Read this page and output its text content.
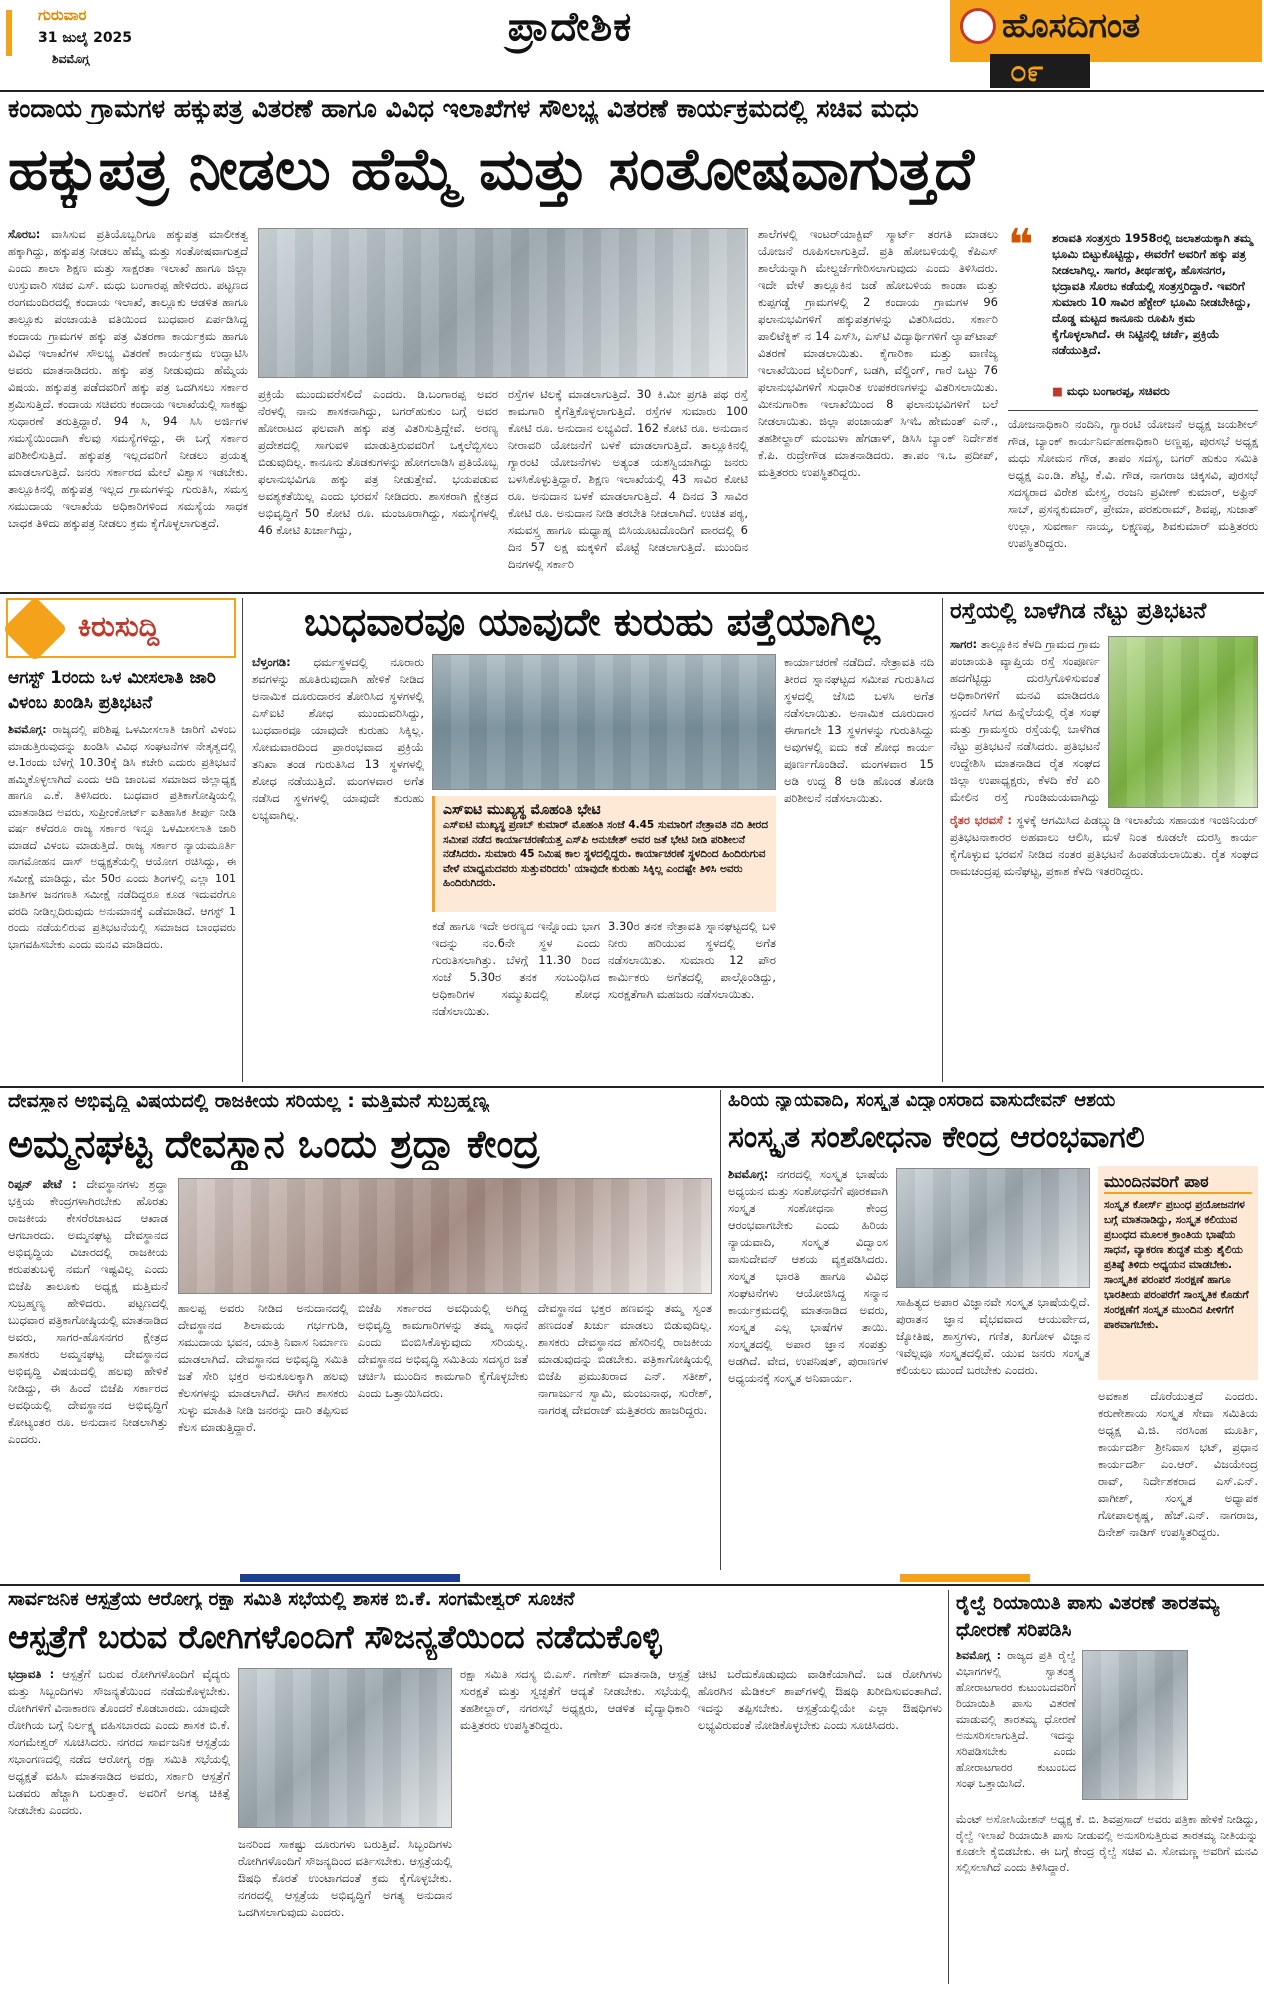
ಗುರುವಾರ
31 ಜುಲೈ 2025
ಶಿವಮೊಗ್ಗ
ಪ್ರಾದೇಶಿಕ	ಹೊಸದಿಗಂತ
೦೯
ಕಂದಾಯ ಗ್ರಾಮಗಳ ಹಕ್ಕುಪತ್ರ ವಿತರಣೆ ಹಾಗೂ ವಿವಿಧ ಇಲಾಖೆಗಳ ಸೌಲಭ್ಯ ವಿತರಣೆ ಕಾರ್ಯಕ್ರಮದಲ್ಲಿ ಸಚಿವ ಮಧು
ಹಕ್ಕುಪತ್ರ ನೀಡಲು ಹೆಮ್ಮೆ ಮತ್ತು ಸಂತೋಷವಾಗುತ್ತದೆ
ಸೊರಬ: ವಾಸಿಸುವ ಪ್ರತಿಯೊಬ್ಬರಿಗೂ ಹಕ್ಕುಪತ್ರ ಮಾಲೀಕತ್ವ ಹಕ್ಕಾಗಿದ್ದು, ಹಕ್ಕುಪತ್ರ ನೀಡಲು ಹೆಮ್ಮೆ ಮತ್ತು ಸಂತೋಷವಾಗುತ್ತದೆ ಎಂದು ಶಾಲಾ ಶಿಕ್ಷಣ ಮತ್ತು ಸಾಕ್ಷರತಾ ಇಲಾಖೆ ಹಾಗೂ ಜಿಲ್ಲಾ ಉಸ್ತುವಾರಿ ಸಚಿವ ಎಸ್. ಮಧು ಬಂಗಾರಪ್ಪ ಹೇಳಿದರು. ಪಟ್ಟಣದ ರಂಗಮಂದಿರದಲ್ಲಿ ಕಂದಾಯ ಇಲಾಖೆ, ತಾಲ್ಲೂಕು ಆಡಳಿತ ಹಾಗೂ ತಾಲ್ಲೂಕು ಪಂಚಾಯತಿ ವತಿಯಿಂದ ಬುಧವಾರ ಏರ್ಪಡಿಸಿದ್ದ ಕಂದಾಯ ಗ್ರಾಮಗಳ ಹಕ್ಕು ಪತ್ರ ವಿತರಣಾ ಕಾರ್ಯಕ್ರಮ ಹಾಗೂ ವಿವಿಧ ಇಲಾಖೆಗಳ ಸೌಲಭ್ಯ ವಿತರಣೆ ಕಾರ್ಯಕ್ರಮ ಉದ್ಘಾಟಿಸಿ ಅವರು ಮಾತನಾಡಿದರು. ಹಕ್ಕು ಪತ್ರ ನೀಡುವುದು ಹೆಮ್ಮೆಯ ವಿಷಯ. ಹಕ್ಕುಪತ್ರ ಪಡೆದವರಿಗೆ ಹಕ್ಕು ಪತ್ರ ಒದಗಿಸಲು ಸರ್ಕಾರ ಶ್ರಮಿಸುತ್ತಿದೆ. ಕಂದಾಯ ಸಚಿವರು ಕಂದಾಯ ಇಲಾಖೆಯಲ್ಲಿ ಸಾಕಷ್ಟು ಸುಧಾರಣೆ ತರುತ್ತಿದ್ದಾರೆ. 94 ಸಿ, 94 ಸಿಸಿ ಅರ್ಜಿಗಳ ಸಮಸ್ಯೆಯಿಂದಾಗಿ ಕೆಲವು ಸಮಸ್ಯೆಗಳಿದ್ದು, ಈ ಬಗ್ಗೆ ಸರ್ಕಾರ ಪರಿಶೀಲಿಸುತ್ತಿದೆ. ಹಕ್ಕುಪತ್ರ ಇಲ್ಲದವರಿಗೆ ನೀಡಲು ಪ್ರಯತ್ನ ಮಾಡಲಾಗುತ್ತಿದೆ. ಜನರು ಸರ್ಕಾರದ ಮೇಲೆ ವಿಶ್ವಾಸ ಇಡಬೇಕು. ತಾಲ್ಲೂಕಿನಲ್ಲಿ ಹಕ್ಕುಪತ್ರ ಇಲ್ಲದ ಗ್ರಾಮಗಳನ್ನು ಗುರುತಿಸಿ, ಸಮಸ್ತ ಸಮುದಾಯ ಇಲಾಖೆಯ ಅಧಿಕಾರಿಗಳಿಂದ ಸಮಸ್ಯೆಯ ಸಾಧಕ ಬಾಧಕ ತಿಳಿದು ಹಕ್ಕುಪತ್ರ ನೀಡಲು ಕ್ರಮ ಕೈಗೊಳ್ಳಲಾಗುತ್ತದೆ.
ಪ್ರಕ್ರಿಯೆ ಮುಂದುವರೆಸಲಿದೆ ಎಂದರು. ಡಿ.ಬಂಗಾರಪ್ಪ ಅವರ ನೆರಳಲ್ಲಿ ನಾನು ಶಾಸಕನಾಗಿದ್ದು, ಬಗರ್‌ಹುಕುಂ ಬಗ್ಗೆ ಅವರ ಹೋರಾಟದ ಫಲವಾಗಿ ಹಕ್ಕು ಪತ್ರ ವಿತರಿಸುತ್ತಿದ್ದೇವೆ. ಅರಣ್ಯ ಪ್ರದೇಶದಲ್ಲಿ ಸಾಗುವಳಿ ಮಾಡುತ್ತಿರುವವರಿಗೆ ಒಕ್ಕಲೆಬ್ಬಿಸಲು ಬಿಡುವುದಿಲ್ಲ. ಕಾನೂನು ತೊಡಕುಗಳನ್ನು ಹೋಗಲಾಡಿಸಿ ಪ್ರತಿಯೊಬ್ಬ ಫಲಾನುಭವಿಗೂ ಹಕ್ಕು ಪತ್ರ ನೀಡುತ್ತೇವೆ. ಭಯಪಡುವ ಅವಶ್ಯಕತೆಯಿಲ್ಲ ಎಂದು ಭರವಸೆ ನೀಡಿದರು. ಶಾಸಕರಾಗಿ ಕ್ಷೇತ್ರದ ಅಭಿವೃದ್ಧಿಗೆ 50 ಕೋಟಿ ರೂ. ಮಂಜೂರಾಗಿದ್ದು, ಸಮಸ್ಯೆಗಳಲ್ಲಿ 46 ಕೋಟಿ ಖರ್ಚಾಗಿದ್ದು,
ರಸ್ತೆಗಳ ಟಿಲಕ್ಕೆ ಮಾಡಲಾಗುತ್ತಿದೆ. 30 ಕಿ.ಮೀ ಪ್ರಗತಿ ಪಥ ರಸ್ತೆ ಕಾಮಗಾರಿ ಕೈಗೆತ್ತಿಕೊಳ್ಳಲಾಗುತ್ತಿದೆ. ರಸ್ತೆಗಳ ಸುಮಾರು 100 ಕೋಟಿ ರೂ. ಅನುದಾನ ಲಭ್ಯವಿದೆ. 162 ಕೋಟಿ ರೂ. ಅನುದಾನ ನೀರಾವರಿ ಯೋಜನೆಗೆ ಬಳಕೆ ಮಾಡಲಾಗುತ್ತಿದೆ. ತಾಲ್ಲೂಕಿನಲ್ಲಿ ಗ್ಯಾರಂಟಿ ಯೋಜನೆಗಳು ಅತ್ಯಂತ ಯಶಸ್ವಿಯಾಗಿದ್ದು ಜನರು ಬಳಸಿಕೊಳ್ಳುತ್ತಿದ್ದಾರೆ. ಶಿಕ್ಷಣ ಇಲಾಖೆಯಲ್ಲಿ 43 ಸಾವಿರ ಕೋಟಿ ರೂ. ಅನುದಾನ ಬಳಕೆ ಮಾಡಲಾಗುತ್ತಿದೆ. 4 ದಿನದ 3 ಸಾವಿರ ಕೋಟಿ ರೂ. ಅನುದಾನ ನೀಡಿ ತರಬೇತಿ ನೀಡಲಾಗಿದೆ. ಉಚಿತ ಪಠ್ಯ, ಸಮವಸ್ತ್ರ ಹಾಗೂ ಮಧ್ಯಾಹ್ನ ಬಿಸಿಯೂಟದೊಂದಿಗೆ ವಾರದಲ್ಲಿ 6 ದಿನ 57 ಲಕ್ಷ ಮಕ್ಕಳಿಗೆ ಮೊಟ್ಟೆ ನೀಡಲಾಗುತ್ತಿದೆ. ಮುಂದಿನ ದಿನಗಳಲ್ಲಿ ಸರ್ಕಾರಿ
ಶಾಲೆಗಳಲ್ಲಿ ಇಂಟರ್‌ಯಾಕ್ಟಿವ್ ಸ್ಮಾರ್ಟ್ ತರಗತಿ ಮಾಡಲು ಯೋಜನೆ ರೂಪಿಸಲಾಗುತ್ತಿದೆ. ಪ್ರತಿ ಹೋಬಳಿಯಲ್ಲಿ ಕೆಪಿಎಸ್ ಶಾಲೆಯನ್ನಾಗಿ ಮೇಲ್ದರ್ಜೆಗೇರಿಸಲಾಗುವುದು ಎಂದು ತಿಳಿಸಿದರು. ಇದೇ ವೇಳೆ ತಾಲ್ಲೂಕಿನ ಜಡೆ ಹೋಬಳಿಯ ಕಾಂಡಾ ಮತ್ತು ಕುಪ್ಪಗಡ್ಡೆ ಗ್ರಾಮಗಳಲ್ಲಿ 2 ಕಂದಾಯ ಗ್ರಾಮಗಳ 96 ಫಲಾನುಭವಿಗಳಿಗೆ ಹಕ್ಕುಪತ್ರಗಳನ್ನು ವಿತರಿಸಿದರು. ಸರ್ಕಾರಿ ಪಾಲಿಟೆಕ್ನಿಕ್ ನ 14 ಎಸ್‌ಸಿ, ಎಸ್‌ಟಿ ವಿದ್ಯಾರ್ಥಿಗಳಿಗೆ ಲ್ಯಾಪ್‌ಟಾಪ್ ವಿತರಣೆ ಮಾಡಲಾಯಿತು. ಕೈಗಾರಿಕಾ ಮತ್ತು ವಾಣಿಜ್ಯ ಇಲಾಖೆಯಿಂದ ಟೈಲರಿಂಗ್, ಬಡಗಿ, ವೆಲ್ಡಿಂಗ್, ಗಾರೆ ಒಟ್ಟು 76 ಫಲಾನುಭವಿಗಳಿಗೆ ಸುಧಾರಿತ ಉಪಕರಣಗಳನ್ನು ವಿತರಿಸಲಾಯಿತು. ಮೀನುಗಾರಿಕಾ ಇಲಾಖೆಯಿಂದ 8 ಫಲಾನುಭವಿಗಳಿಗೆ ಬಲೆ ನೀಡಲಾಯಿತು. ಜಿಲ್ಲಾ ಪಂಚಾಯತ್ ಸಿಇಓ ಹೇಮಂತ್ ಎನ್., ತಹಶೀಲ್ದಾರ್ ಮಂಜುಳಾ ಹೆಗಡಾಳ್, ಡಿಸಿಸಿ ಬ್ಯಾಂಕ್ ನಿರ್ದೇಶಕ ಕೆ.ಪಿ. ರುದ್ರೇಗೌಡ ಮಾತನಾಡಿದರು. ತಾ.ಪಂ ಇ.ಒ ಪ್ರದೀಪ್, ಮತ್ತಿತರರು ಉಪಸ್ಥಿತರಿದ್ದರು.
❝ ಶರಾವತಿ ಸಂತ್ರಸ್ತರು 1958ರಲ್ಲಿ ಜಲಾಶಯಕ್ಕಾಗಿ ತಮ್ಮ ಭೂಮಿ ಬಿಟ್ಟುಕೊಟ್ಟಿದ್ದು, ಈವರೆಗೆ ಅವರಿಗೆ ಹಕ್ಕು ಪತ್ರ ನೀಡಲಾಗಿಲ್ಲ. ಸಾಗರ, ತೀರ್ಥಹಳ್ಳಿ, ಹೊಸನಗರ, ಭದ್ರಾವತಿ ಸೊರಬ ಕಡೆಯಲ್ಲಿ ಸಂತ್ರಸ್ತರಿದ್ದಾರೆ. ಇವರಿಗೆ ಸುಮಾರು 10 ಸಾವಿರ ಹೆಕ್ಟೇರ್ ಭೂಮಿ ನೀಡಬೇಕಿದ್ದು, ದೊಡ್ಡ ಮಟ್ಟದ ಕಾನೂನು ರೂಪಿಸಿ ಕ್ರಮ ಕೈಗೊಳ್ಳಲಾಗಿದೆ. ಈ ನಿಟ್ಟಿನಲ್ಲಿ ಚರ್ಚೆ, ಪ್ರಕ್ರಿಯೆ ನಡೆಯುತ್ತಿದೆ.
■ ಮಧು ಬಂಗಾರಪ್ಪ, ಸಚಿವರು
ಯೋಜನಾಧಿಕಾರಿ ನಂದಿನಿ, ಗ್ಯಾರಂಟಿ ಯೋಜನೆ ಅಧ್ಯಕ್ಷ ಜಯಶೀಲ್ ಗೌಡ, ಬ್ಯಾಂಕ್ ಕಾರ್ಯನಿರ್ವಹಣಾಧಿಕಾರಿ ಅಣ್ಣಪ್ಪ, ಪುರಸಭೆ ಅಧ್ಯಕ್ಷ ಮಧು ಸೋಮನ ಗೌಡ, ತಾಪಂ ಸದಸ್ಯ, ಬಗರ್ ಹುಕುಂ ಸಮಿತಿ ಅಧ್ಯಕ್ಷ ಎಂ.ಡಿ. ಶೆಟ್ಟಿ, ಕೆ.ವಿ. ಗೌಡ, ನಾಗರಾಜ ಚಿಕ್ಕಸವಿ, ಪುರಸಭೆ ಸದಸ್ಯರಾದ ವಿರೇಶ ಮೇಸ್ತ್ರ, ರಂಜನಿ ಪ್ರವೀಣ್ ಕುಮಾರ್, ಅಫ್ರಿನ್ ಸಾಬ್, ಪ್ರಸನ್ನಕುಮಾರ್, ಪ್ರೇಮಾ, ಪರಶುರಾಮ್, ಶಿವಪ್ಪ, ಸುಜಾತ್ ಉಲ್ಲಾ, ಸುವರ್ಣಾ ನಾಯ್ಕ, ಲಕ್ಷ್ಮಣಪ್ಪ, ಶಿವಕುಮಾರ್ ಮತ್ತಿತರರು ಉಪಸ್ಥಿತರಿದ್ದರು.
ಕಿರುಸುದ್ದಿ
ಆಗಸ್ಟ್ 1ರಂದು ಒಳ ಮೀಸಲಾತಿ ಜಾರಿ ವಿಳಂಬ ಖಂಡಿಸಿ ಪ್ರತಿಭಟನೆ
ಶಿವಮೊಗ್ಗ: ರಾಜ್ಯದಲ್ಲಿ ಪರಿಶಿಷ್ಟ ಒಳಮೀಸಲಾತಿ ಜಾರಿಗೆ ವಿಳಂಬ ಮಾಡುತ್ತಿರುವುದನ್ನು ಖಂಡಿಸಿ ವಿವಿಧ ಸಂಘಟನೆಗಳ ನೇತೃತ್ವದಲ್ಲಿ ಆ.1ರಂದು ಬೆಳಗ್ಗೆ 10.30ಕ್ಕೆ ಡಿಸಿ ಕಚೇರಿ ಎದುರು ಪ್ರತಿಭಟನೆ ಹಮ್ಮಿಕೊಳ್ಳಲಾಗಿದೆ ಎಂದು ಆದಿ ಜಾಂಬವ ಸಮಾಜದ ಜಿಲ್ಲಾಧ್ಯಕ್ಷ ಹಾಗೂ ಎ.ಕೆ. ತಿಳಿಸಿದರು. ಬುಧವಾರ ಪ್ರತಿಕಾಗೋಷ್ಠಿಯಲ್ಲಿ ಮಾತನಾಡಿದ ಅವರು, ಸುಪ್ರೀಂಕೋರ್ಟ್ ಐತಿಹಾಸಿಕ ತೀರ್ಪು ನೀಡಿ ವರ್ಷ ಕಳೆದರೂ ರಾಜ್ಯ ಸರ್ಕಾರ ಇನ್ನೂ ಒಳಮೀಸಲಾತಿ ಜಾರಿ ಮಾಡದೆ ವಿಳಂಬ ಮಾಡುತ್ತಿದೆ. ರಾಜ್ಯ ಸರ್ಕಾರ ನ್ಯಾಯಮೂರ್ತಿ ನಾಗಮೋಹನ ದಾಸ್ ಅಧ್ಯಕ್ಷತೆಯಲ್ಲಿ ಆಯೋಗ ರಚಿಸಿದ್ದು, ಈ ಸಮೀಕ್ಷೆ ಮಾಡಿದ್ದು, ಮೇ 50ರ ಎಂದು ಶಿಂಗಳಲ್ಲಿ ಎಲ್ಲಾ 101 ಜಾತಿಗಳ ಜನಗಣತಿ ಸಮೀಕ್ಷೆ ನಡೆದಿದ್ದರೂ ಕೂಡ ಇದುವರೆಗೂ ವರದಿ ನೀಡಿಲ್ಲದಿರುವುದು ಅನುಮಾನಕ್ಕೆ ಎಡೆಮಾಡಿದೆ. ಆಗಸ್ಟ್ 1 ರಂದು ನಡೆಯಲಿರುವ ಪ್ರತಿಭಟನೆಯಲ್ಲಿ ಸಮಾಜದ ಬಾಂಧವರು ಭಾಗವಹಿಸಬೇಕು ಎಂದು ಮನವಿ ಮಾಡಿದರು.
ಬುಧವಾರವೂ ಯಾವುದೇ ಕುರುಹು ಪತ್ತೆಯಾಗಿಲ್ಲ
ಬೆಳ್ತಂಗಡಿ: ಧರ್ಮಸ್ಥಳದಲ್ಲಿ ನೂರಾರು ಶವಗಳನ್ನು ಹೂತಿರುವುದಾಗಿ ಹೇಳಿಕೆ ನೀಡಿದ ಅನಾಮಿಕ ದೂರುದಾರನ ತೋರಿಸಿದ ಸ್ಥಳಗಳಲ್ಲಿ ಎಸ್‌ಐಟಿ ಶೋಧ ಮುಂದುವರಿಸಿದ್ದು, ಬುಧವಾರವೂ ಯಾವುದೇ ಕುರುಹು ಸಿಕ್ಕಿಲ್ಲ. ಸೋಮವಾರದಿಂದ ಪ್ರಾರಂಭವಾದ ಪ್ರಕ್ರಿಯೆ ತನಿಖಾ ತಂಡ ಗುರುತಿಸಿದ 13 ಸ್ಥಳಗಳಲ್ಲಿ ಶೋಧ ನಡೆಯುತ್ತಿದೆ. ಮಂಗಳವಾರ ಅಗೆತ ನಡೆಸಿದ ಸ್ಥಳಗಳಲ್ಲಿ ಯಾವುದೇ ಕುರುಹು ಲಭ್ಯವಾಗಿಲ್ಲ.
ಕಾರ್ಯಾಚರಣೆ ನಡೆದಿದೆ. ನೇತ್ರಾವತಿ ನದಿ ತೀರದ ಸ್ನಾನಘಟ್ಟದ ಸಮೀಪ ಗುರುತಿಸಿದ ಸ್ಥಳದಲ್ಲಿ ಜೆಸಿಬಿ ಬಳಸಿ ಅಗೆತ ನಡೆಸಲಾಯಿತು. ಅನಾಮಿಕ ದೂರುದಾರ ಈಗಾಗಲೇ 13 ಸ್ಥಳಗಳನ್ನು ಗುರುತಿಸಿದ್ದು ಅವುಗಳಲ್ಲಿ ಐದು ಕಡೆ ಶೋಧ ಕಾರ್ಯ ಪೂರ್ಣಗೊಂಡಿದೆ. ಮಂಗಳವಾರ 15 ಅಡಿ ಉದ್ದ 8 ಅಡಿ ಹೊಂಡ ತೋಡಿ ಪರಿಶೀಲನೆ ನಡೆಸಲಾಯಿತು.
ಎಸ್‌ಐಟಿ ಮುಖ್ಯಸ್ಥ ಮೊಹಂತಿ ಭೇಟಿ
ಎಸ್‌ಐಟಿ ಮುಖ್ಯಸ್ಥ ಪ್ರಣಬ್ ಕುಮಾರ್ ಮೊಹಂತಿ ಸಂಜೆ 4.45 ಸುಮಾರಿಗೆ ನೇತ್ರಾವತಿ ನದಿ ತೀರದ ಸಮೀಪ ನಡೆದ ಕಾರ್ಯಾಚರಣೆಯತ್ತ ಎಸ್‌ಪಿ ಅನುಚೇತ್ ಅವರ ಜತೆ ಭೇಟಿ ನೀಡಿ ಪರಿಶೀಲನೆ ನಡೆಸಿದರು. ಸುಮಾರು 45 ನಿಮಿಷ ಕಾಲ ಸ್ಥಳದಲ್ಲಿದ್ದರು. ಕಾರ್ಯಾಚರಣೆ ಸ್ಥಳದಿಂದ ಹಿಂದಿರುಗುವ ವೇಳೆ ಮಾಧ್ಯಮದವರು ಸುತ್ತುವರಿದರು' ಯಾವುದೇ ಕುರುಹು ಸಿಕ್ಕಿಲ್ಲ ಎಂದಷ್ಟೇ ತಿಳಿಸಿ ಅವರು ಹಿಂದಿರುಗಿದರು.
ಕಡೆ ಹಾಗೂ ಇದೇ ಅರಣ್ಯದ ಇನ್ನೊಂದು ಭಾಗ ಇದನ್ನು ನಂ.6ನೇ ಸ್ಥಳ ಎಂದು ಗುರುತಿಸಲಾಗಿತ್ತು. ಬೆಳಗ್ಗೆ 11.30 ರಿಂದ ಸಂಜೆ 5.30ರ ತನಕ ಸಂಬಂಧಿಸಿದ ಅಧಿಕಾರಿಗಳ ಸಮ್ಮುಖದಲ್ಲಿ ಶೋಧ ನಡೆಸಲಾಯಿತು.
3.30ರ ತನಕ ನೇತ್ರಾವತಿ ಸ್ನಾನಘಟ್ಟದಲ್ಲಿ ಬಳಿ ನೀರು ಹರಿಯುವ ಸ್ಥಳದಲ್ಲಿ ಅಗೆತ ನಡೆಸಲಾಯಿತು. ಸುಮಾರು 12 ಪೌರ ಕಾರ್ಮಿಕರು ಅಗೆತದಲ್ಲಿ ಪಾಲ್ಗೊಂಡಿದ್ದು, ಸುರಕ್ಷತೆಗಾಗಿ ಮಹಜರು ನಡೆಸಲಾಯಿತು.
ರಸ್ತೆಯಲ್ಲಿ ಬಾಳೆಗಿಡ ನೆಟ್ಟು ಪ್ರತಿಭಟನೆ
ಸಾಗರ: ತಾಲ್ಲೂಕಿನ ಕೆಳದಿ ಗ್ರಾಮದ ಗ್ರಾಮ ಪಂಚಾಯತಿ ವ್ಯಾಪ್ತಿಯ ರಸ್ತೆ ಸಂಪೂರ್ಣ ಹದಗೆಟ್ಟಿದ್ದು ದುರಸ್ತಿಗೊಳಿಸುವಂತೆ ಅಧಿಕಾರಿಗಳಿಗೆ ಮನವಿ ಮಾಡಿದರೂ ಸ್ಪಂದನೆ ಸಿಗದ ಹಿನ್ನೆಲೆಯಲ್ಲಿ ರೈತ ಸಂಘ ಮತ್ತು ಗ್ರಾಮಸ್ಥರು ರಸ್ತೆಯಲ್ಲಿ ಬಾಳೆಗಿಡ ನೆಟ್ಟು ಪ್ರತಿಭಟನೆ ನಡೆಸಿದರು. ಪ್ರತಿಭಟನೆ ಉದ್ದೇಶಿಸಿ ಮಾತನಾಡಿದ ರೈತ ಸಂಘದ ಜಿಲ್ಲಾ ಉಪಾಧ್ಯಕ್ಷರು, ಕೆಳದಿ ಕೆರೆ ಏರಿ ಮೇಲಿನ ರಸ್ತೆ ಗುಂಡಿಮಯವಾಗಿದ್ದು
ರೈತರ ಭರವಸೆ : ಸ್ಥಳಕ್ಕೆ ಆಗಮಿಸಿದ ಪಿಡಬ್ಲ್ಯುಡಿ ಇಲಾಖೆಯ ಸಹಾಯಕ ಇಂಜಿನಿಯರ್ ಪ್ರತಿಭಟನಾಕಾರರ ಅಹವಾಲು ಆಲಿಸಿ, ಮಳೆ ನಿಂತ ಕೂಡಲೇ ದುರಸ್ತಿ ಕಾರ್ಯ ಕೈಗೊಳ್ಳುವ ಭರವಸೆ ನೀಡಿದ ನಂತರ ಪ್ರತಿಭಟನೆ ಹಿಂಪಡೆಯಲಾಯಿತು. ರೈತ ಸಂಘದ ರಾಮಚಂದ್ರಪ್ಪ ಮನೆಘಟ್ಟ, ಪ್ರಕಾಶ ಕೆಳದಿ ಇತರರಿದ್ದರು.
ದೇವಸ್ಥಾನ ಅಭಿವೃದ್ಧಿ ವಿಷಯದಲ್ಲಿ ರಾಜಕೀಯ ಸರಿಯಲ್ಲ : ಮತ್ತಿಮನೆ ಸುಬ್ರಹ್ಮಣ್ಯ
ಅಮ್ಮನಘಟ್ಟ ದೇವಸ್ಥಾನ ಒಂದು ಶ್ರದ್ಧಾ ಕೇಂದ್ರ
ರಿಪ್ಪನ್ ಪೇಟೆ : ದೇವಸ್ಥಾನಗಳು ಶ್ರದ್ಧಾ ಭಕ್ತಿಯ ಕೇಂದ್ರಗಳಾಗಿರಬೇಕು ಹೊರತು ರಾಜಕೀಯ ಕೇಸರೆರಚಾಟದ ಆಖಾಡ ಆಗಬಾರದು. ಅಮ್ಮನಘಟ್ಟ ದೇವಸ್ಥಾನದ ಅಭಿವೃದ್ಧಿಯ ವಿಚಾರದಲ್ಲಿ ರಾಜಕೀಯ ಕರುಪತುಬಳ್ಳಿ ನಮಗೆ ಇಷ್ಟವಿಲ್ಲ ಎಂದು ಬಿಜೆಪಿ ತಾಲೂಕು ಅಧ್ಯಕ್ಷ ಮತ್ತಿಮನೆ ಸುಬ್ರಹ್ಮಣ್ಯ ಹೇಳಿದರು. ಪಟ್ಟಣದಲ್ಲಿ ಬುಧವಾರ ಪತ್ರಿಕಾಗೋಷ್ಠಿಯಲ್ಲಿ ಮಾತನಾಡಿದ ಅವರು, ಸಾಗರ-ಹೊಸನಗರ ಕ್ಷೇತ್ರದ ಶಾಸಕರು ಅಮ್ಮನಘಟ್ಟ ದೇವಸ್ಥಾನದ ಅಭಿವೃದ್ಧಿ ವಿಷಯದಲ್ಲಿ ಹಲವು ಹೇಳಿಕೆ ನೀಡಿದ್ದು, ಈ ಹಿಂದೆ ಬಿಜೆಪಿ ಸರ್ಕಾರದ ಅವಧಿಯಲ್ಲಿ ದೇವಸ್ಥಾನದ ಅಭಿವೃದ್ಧಿಗೆ ಕೋಟ್ಯಂತರ ರೂ. ಅನುದಾನ ನೀಡಲಾಗಿತ್ತು ಎಂದರು.
ಹಾಲಪ್ಪ ಅವರು ನೀಡಿದ ಅನುದಾನದಲ್ಲಿ ದೇವಸ್ಥಾನದ ಶಿಲಾಮಯ ಗರ್ಭಗುಡಿ, ಸಮುದಾಯ ಭವನ, ಯಾತ್ರಿ ನಿವಾಸ ನಿರ್ಮಾಣ ಮಾಡಲಾಗಿದೆ. ದೇವಸ್ಥಾನದ ಅಭಿವೃದ್ಧಿ ಸಮಿತಿ ಜತೆ ಸೇರಿ ಭಕ್ತರ ಅನುಕೂಲಕ್ಕಾಗಿ ಹಲವು ಕೆಲಸಗಳನ್ನು ಮಾಡಲಾಗಿದೆ. ಈಗಿನ ಶಾಸಕರು ಸುಳ್ಳು ಮಾಹಿತಿ ನೀಡಿ ಜನರನ್ನು ದಾರಿ ತಪ್ಪಿಸುವ ಕೆಲಸ ಮಾಡುತ್ತಿದ್ದಾರೆ.
ಬಿಜೆಪಿ ಸರ್ಕಾರದ ಅವಧಿಯಲ್ಲಿ ಅಗಿದ್ದ ಅಭಿವೃದ್ಧಿ ಕಾಮಗಾರಿಗಳನ್ನು ತಮ್ಮ ಸಾಧನೆ ಎಂದು ಬಿಂಬಿಸಿಕೊಳ್ಳುವುದು ಸರಿಯಲ್ಲ. ದೇವಸ್ಥಾನದ ಅಭಿವೃದ್ಧಿ ಸಮಿತಿಯ ಸದಸ್ಯರ ಜತೆ ಚರ್ಚಿಸಿ ಮುಂದಿನ ಕಾಮಗಾರಿ ಕೈಗೊಳ್ಳಬೇಕು ಎಂದು ಒತ್ತಾಯಿಸಿದರು.
ದೇವಸ್ಥಾನದ ಭಕ್ತರ ಹಣವನ್ನು ತಮ್ಮ ಸ್ವಂತ ಹಣದಂತೆ ಖರ್ಚು ಮಾಡಲು ಬಿಡುವುದಿಲ್ಲ. ಶಾಸಕರು ದೇವಸ್ಥಾನದ ಹೆಸರಿನಲ್ಲಿ ರಾಜಕೀಯ ಮಾಡುವುದನ್ನು ಬಿಡಬೇಕು. ಪತ್ರಿಕಾಗೋಷ್ಠಿಯಲ್ಲಿ ಬಿಜೆಪಿ ಪ್ರಮುಖರಾದ ಎನ್. ಸತೀಶ್, ನಾಗಾರ್ಜುನ ಸ್ವಾಮಿ, ಮಂಜುನಾಥ, ಸುರೇಶ್, ನಾಗರತ್ನ ದೇವರಾಜ್ ಮತ್ತಿತರರು ಹಾಜರಿದ್ದರು.
ಹಿರಿಯ ನ್ಯಾಯವಾದಿ, ಸಂಸ್ಕೃತ ವಿದ್ವಾಂಸರಾದ ವಾಸುದೇವನ್ ಆಶಯ
ಸಂಸ್ಕೃತ ಸಂಶೋಧನಾ ಕೇಂದ್ರ ಆರಂಭವಾಗಲಿ
ಶಿವಮೊಗ್ಗ: ನಗರದಲ್ಲಿ ಸಂಸ್ಕೃತ ಭಾಷೆಯ ಅಧ್ಯಯನ ಮತ್ತು ಸಂಶೋಧನೆಗೆ ಪೂರಕವಾಗಿ ಸಂಸ್ಕೃತ ಸಂಶೋಧನಾ ಕೇಂದ್ರ ಆರಂಭವಾಗಬೇಕು ಎಂದು ಹಿರಿಯ ನ್ಯಾಯವಾದಿ, ಸಂಸ್ಕೃತ ವಿದ್ವಾಂಸ ವಾಸುದೇವನ್ ಆಶಯ ವ್ಯಕ್ತಪಡಿಸಿದರು. ಸಂಸ್ಕೃತ ಭಾರತಿ ಹಾಗೂ ವಿವಿಧ ಸಂಘಟನೆಗಳು ಆಯೋಜಿಸಿದ್ದ ಸನ್ಮಾನ ಕಾರ್ಯಕ್ರಮದಲ್ಲಿ ಮಾತನಾಡಿದ ಅವರು, ಸಂಸ್ಕೃತ ಎಲ್ಲ ಭಾಷೆಗಳ ತಾಯಿ. ಸಂಸ್ಕೃತದಲ್ಲಿ ಅಪಾರ ಜ್ಞಾನ ಸಂಪತ್ತು ಅಡಗಿದೆ. ವೇದ, ಉಪನಿಷತ್, ಪುರಾಣಗಳ ಅಧ್ಯಯನಕ್ಕೆ ಸಂಸ್ಕೃತ ಅನಿವಾರ್ಯ.
ಸಾಹಿತ್ಯದ ಅಪಾರ ವಿಜ್ಞಾನವೇ ಸಂಸ್ಕೃತ ಭಾಷೆಯಲ್ಲಿದೆ. ಪುರಾತನ ಜ್ಞಾನ ವೈಭವವಾದ ಆಯುರ್ವೇದ, ಜ್ಯೋತಿಷ, ಶಾಸ್ತ್ರಗಳು, ಗಣಿತ, ಖಗೋಳ ವಿಜ್ಞಾನ ಇವೆಲ್ಲವೂ ಸಂಸ್ಕೃತದಲ್ಲಿವೆ. ಯುವ ಜನರು ಸಂಸ್ಕೃತ ಕಲಿಯಲು ಮುಂದೆ ಬರಬೇಕು ಎಂದರು.
ಮುಂದಿನವರಿಗೆ ಪಾಠ
ಸಂಸ್ಕೃತ ಕೋರ್ಸ್ ಪ್ರಬಂಧ ಪ್ರಯೋಜನಗಳ ಬಗ್ಗೆ ಮಾತನಾಡಿದ್ದು, ಸಂಸ್ಕೃತ ಕಲಿಯುವ ಪ್ರಬಂಧದ ಮೂಲಕ ಕ್ರಾಂತಿಯ ಭಾಷೆಯ ಸಾಧನೆ, ವ್ಯಾಕರಣ ಶುದ್ಧತೆ ಮತ್ತು ಶೈಲಿಯ ಪ್ರತಿಷ್ಠೆ ತಿಳಿದು ಅಧ್ಯಯನ ಮಾಡಬೇಕು. ಸಾಂಸ್ಕೃತಿಕ ಪರಂಪರೆ ಸಂರಕ್ಷಣೆ ಹಾಗೂ ಭಾರತೀಯ ಪರಂಪರೆಗೆ ಸಾಂಸ್ಕೃತಿಕ ಕೊಡುಗೆ ಸಂರಕ್ಷಣೆಗೆ ಸಂಸ್ಕೃತ ಮುಂದಿನ ಪೀಳಿಗೆಗೆ ಪಾಠವಾಗಬೇಕು.
ಅವಕಾಶ ದೊರೆಯುತ್ತದೆ ಎಂದರು. ಕರುಣೇಶಾಯ ಸಂಸ್ಕೃತ ಸೇವಾ ಸಮಿತಿಯ ಅಧ್ಯಕ್ಷ ವಿ.ಜಿ. ನರಸಿಂಹ ಮೂರ್ತಿ, ಕಾರ್ಯದರ್ಶಿ ಶ್ರೀನಿವಾಸ ಭಟ್, ಪ್ರಧಾನ ಕಾರ್ಯದರ್ಶಿ ಎಂ.ಆರ್. ವಿಜಯೇಂದ್ರ ರಾವ್, ನಿರ್ದೇಶಕರಾದ ಎಸ್.ಎನ್. ವಾಗೀಶ್, ಸಂಸ್ಕೃತ ಅಧ್ಯಾಪಕ ಗೋಪಾಲಕೃಷ್ಣ, ಹೆಚ್.ಎನ್. ನಾಗರಾಜ, ದಿನೇಶ್ ನಾಡಿಗ್ ಉಪಸ್ಥಿತರಿದ್ದರು.
ಸಾರ್ವಜನಿಕ ಆಸ್ಪತ್ರೆಯ ಆರೋಗ್ಯ ರಕ್ಷಾ ಸಮಿತಿ ಸಭೆಯಲ್ಲಿ ಶಾಸಕ ಬಿ.ಕೆ. ಸಂಗಮೇಶ್ವರ್ ಸೂಚನೆ
ಆಸ್ಪತ್ರೆಗೆ ಬರುವ ರೋಗಿಗಳೊಂದಿಗೆ ಸೌಜನ್ಯತೆಯಿಂದ ನಡೆದುಕೊಳ್ಳಿ
ಭದ್ರಾವತಿ : ಆಸ್ಪತ್ರೆಗೆ ಬರುವ ರೋಗಿಗಳೊಂದಿಗೆ ವೈದ್ಯರು ಮತ್ತು ಸಿಬ್ಬಂದಿಗಳು ಸೌಜನ್ಯತೆಯಿಂದ ನಡೆದುಕೊಳ್ಳಬೇಕು. ರೋಗಿಗಳಿಗೆ ವಿನಾಕಾರಣ ತೊಂದರೆ ಕೊಡಬಾರದು. ಯಾವುದೇ ರೋಗಿಯ ಬಗ್ಗೆ ನಿರ್ಲಕ್ಷ್ಯ ವಹಿಸಬಾರದು ಎಂದು ಶಾಸಕ ಬಿ.ಕೆ. ಸಂಗಮೇಶ್ವರ್ ಸೂಚಿಸಿದರು. ನಗರದ ಸಾರ್ವಜನಿಕ ಆಸ್ಪತ್ರೆಯ ಸಭಾಂಗಣದಲ್ಲಿ ನಡೆದ ಆರೋಗ್ಯ ರಕ್ಷಾ ಸಮಿತಿ ಸಭೆಯಲ್ಲಿ ಅಧ್ಯಕ್ಷತೆ ವಹಿಸಿ ಮಾತನಾಡಿದ ಅವರು, ಸರ್ಕಾರಿ ಆಸ್ಪತ್ರೆಗೆ ಬಡವರು ಹೆಚ್ಚಾಗಿ ಬರುತ್ತಾರೆ. ಅವರಿಗೆ ಅಗತ್ಯ ಚಿಕಿತ್ಸೆ ನೀಡಬೇಕು ಎಂದರು.
ಜನರಿಂದ ಸಾಕಷ್ಟು ದೂರುಗಳು ಬರುತ್ತಿವೆ. ಸಿಬ್ಬಂದಿಗಳು ರೋಗಿಗಳೊಂದಿಗೆ ಸೌಜನ್ಯದಿಂದ ವರ್ತಿಸಬೇಕು. ಆಸ್ಪತ್ರೆಯಲ್ಲಿ ಔಷಧಿ ಕೊರತೆ ಉಂಟಾಗದಂತೆ ಕ್ರಮ ಕೈಗೊಳ್ಳಬೇಕು. ನಗರದಲ್ಲಿ ಆಸ್ಪತ್ರೆಯ ಅಭಿವೃದ್ಧಿಗೆ ಅಗತ್ಯ ಅನುದಾನ ಒದಗಿಸಲಾಗುವುದು ಎಂದರು.
ರಕ್ಷಾ ಸಮಿತಿ ಸದಸ್ಯ ಬಿ.ಎಸ್. ಗಣೇಶ್ ಮಾತನಾಡಿ, ಆಸ್ಪತ್ರೆ ಸುರಕ್ಷತೆ ಮತ್ತು ಸ್ವಚ್ಛತೆಗೆ ಆದ್ಯತೆ ನೀಡಬೇಕು. ಸಭೆಯಲ್ಲಿ ತಹಶೀಲ್ದಾರ್, ನಗರಸಭೆ ಅಧ್ಯಕ್ಷರು, ಆಡಳಿತ ವೈದ್ಯಾಧಿಕಾರಿ ಮತ್ತಿತರರು ಉಪಸ್ಥಿತರಿದ್ದರು.
ಚೀಟಿ ಬರೆದುಕೊಡುವುದು ವಾಡಿಕೆಯಾಗಿದೆ. ಬಡ ರೋಗಿಗಳು ಹೊರಗಿನ ಮೆಡಿಕಲ್ ಶಾಪ್‌ಗಳಲ್ಲಿ ಔಷಧಿ ಖರೀದಿಸುವಂತಾಗಿದೆ. ಇದನ್ನು ತಪ್ಪಿಸಬೇಕು. ಆಸ್ಪತ್ರೆಯಲ್ಲಿಯೇ ಎಲ್ಲಾ ಔಷಧಿಗಳು ಲಭ್ಯವಿರುವಂತೆ ನೋಡಿಕೊಳ್ಳಬೇಕು ಎಂದು ಸೂಚಿಸಿದರು.
ರೈಲ್ವೆ ರಿಯಾಯಿತಿ ಪಾಸು ವಿತರಣೆ ತಾರತಮ್ಯ ಧೋರಣೆ ಸರಿಪಡಿಸಿ
ಶಿವಮೊಗ್ಗ : ರಾಜ್ಯದ ಪ್ರತಿ ರೈಲ್ವೆ ವಿಭಾಗಗಳಲ್ಲಿ ಸ್ವಾತಂತ್ರ್ಯ ಹೋರಾಟಗಾರರ ಕುಟುಂಬದವರಿಗೆ ರಿಯಾಯಿತಿ ಪಾಸು ವಿತರಣೆ ಮಾಡುವಲ್ಲಿ ತಾರತಮ್ಯ ಧೋರಣೆ ಅನುಸರಿಸಲಾಗುತ್ತಿದೆ. ಇದನ್ನು ಸರಿಪಡಿಸಬೇಕು ಎಂದು ಹೋರಾಟಗಾರರ ಕುಟುಂಬದ ಸಂಘ ಒತ್ತಾಯಿಸಿದೆ.
ಮೆಂಟ್ ಅಸೋಸಿಯೇಶನ್ ಅಧ್ಯಕ್ಷ ಕೆ. ಬಿ. ಶಿವಪ್ರಸಾದ್ ಅವರು ಪತ್ರಿಕಾ ಹೇಳಿಕೆ ನೀಡಿದ್ದು, ರೈಲ್ವೆ ಇಲಾಖೆ ರಿಯಾಯಿತಿ ಪಾಸು ನೀಡುವಲ್ಲಿ ಅನುಸರಿಸುತ್ತಿರುವ ತಾರತಮ್ಯ ನೀತಿಯನ್ನು ಕೂಡಲೇ ಕೈಬಿಡಬೇಕು. ಈ ಬಗ್ಗೆ ಕೇಂದ್ರ ರೈಲ್ವೆ ಸಚಿವ ವಿ. ಸೋಮಣ್ಣ ಅವರಿಗೆ ಮನವಿ ಸಲ್ಲಿಸಲಾಗಿದೆ ಎಂದು ತಿಳಿಸಿದ್ದಾರೆ.
